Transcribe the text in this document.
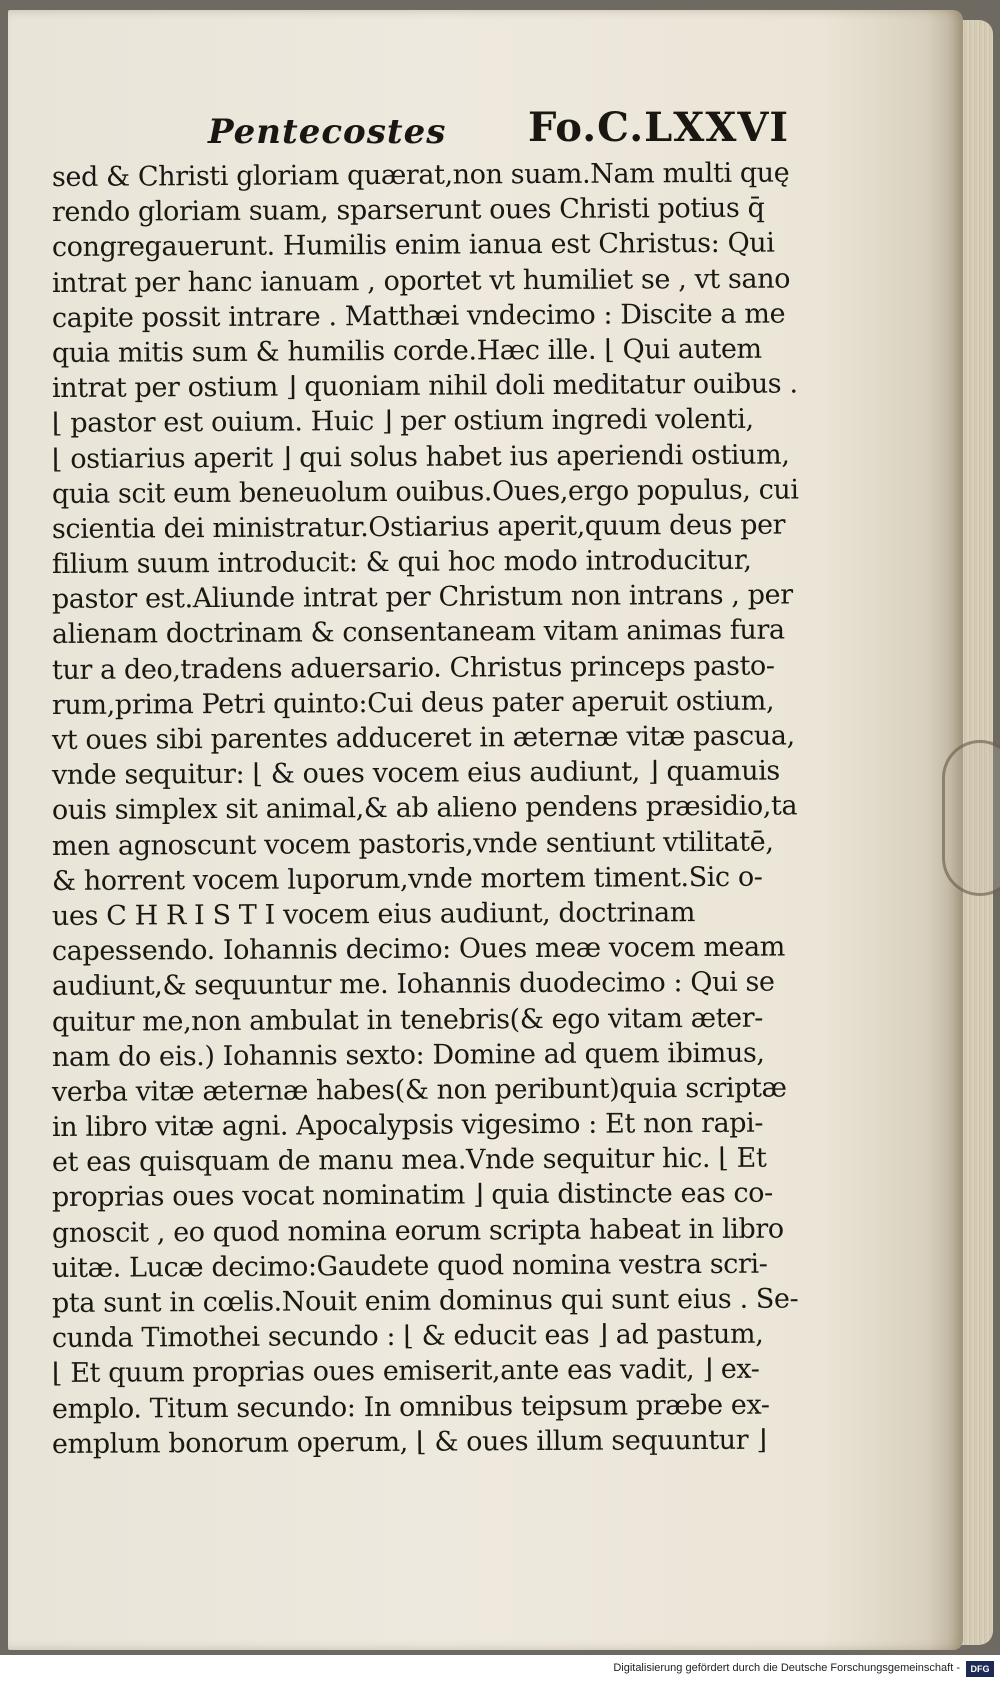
Pentecostes Fo.C.LXXVI
sed & Christi gloriam quærat,non suam.Nam multi quę
rendo gloriam suam, sparserunt oues Christi potius q̄
congregauerunt. Humilis enim ianua est Christus: Qui
intrat per hanc ianuam , oportet vt humiliet se , vt sano
capite possit intrare . Matthæi vndecimo : Discite a me
quia mitis sum & humilis corde.Hæc ille. ⌊ Qui autem
intrat per ostium ⌋ quoniam nihil doli meditatur ouibus .
⌊ pastor est ouium. Huic ⌋ per ostium ingredi volenti,
⌊ ostiarius aperit ⌋ qui solus habet ius aperiendi ostium,
quia scit eum beneuolum ouibus.Oues,ergo populus, cui
scientia dei ministratur.Ostiarius aperit,quum deus per
filium suum introducit: & qui hoc modo introducitur,
pastor est.Aliunde intrat per Christum non intrans , per
alienam doctrinam & consentaneam vitam animas fura
tur a deo,tradens aduersario. Christus princeps pasto-
rum,prima Petri quinto:Cui deus pater aperuit ostium,
vt oues sibi parentes adduceret in æternæ vitæ pascua,
vnde sequitur: ⌊ & oues vocem eius audiunt, ⌋ quamuis
ouis simplex sit animal,& ab alieno pendens præsidio,ta
men agnoscunt vocem pastoris,vnde sentiunt vtilitatē,
& horrent vocem luporum,vnde mortem timent.Sic o-
ues C H R I S T I vocem eius audiunt, doctrinam
capessendo. Iohannis decimo: Oues meæ vocem meam
audiunt,& sequuntur me. Iohannis duodecimo : Qui se
quitur me,non ambulat in tenebris(& ego vitam æter-
nam do eis.) Iohannis sexto: Domine ad quem ibimus,
verba vitæ æternæ habes(& non peribunt)quia scriptæ
in libro vitæ agni. Apocalypsis vigesimo : Et non rapi-
et eas quisquam de manu mea.Vnde sequitur hic. ⌊ Et
proprias oues vocat nominatim ⌋ quia distincte eas co-
gnoscit , eo quod nomina eorum scripta habeat in libro
uitæ. Lucæ decimo:Gaudete quod nomina vestra scri-
pta sunt in cœlis.Nouit enim dominus qui sunt eius . Se-
cunda Timothei secundo : ⌊ & educit eas ⌋ ad pastum,
⌊ Et quum proprias oues emiserit,ante eas vadit, ⌋ ex-
emplo. Titum secundo: In omnibus teipsum præbe ex-
emplum bonorum operum, ⌊ & oues illum sequuntur ⌋
Digitalisierung gefördert durch die Deutsche Forschungsgemeinschaft -	DFG
